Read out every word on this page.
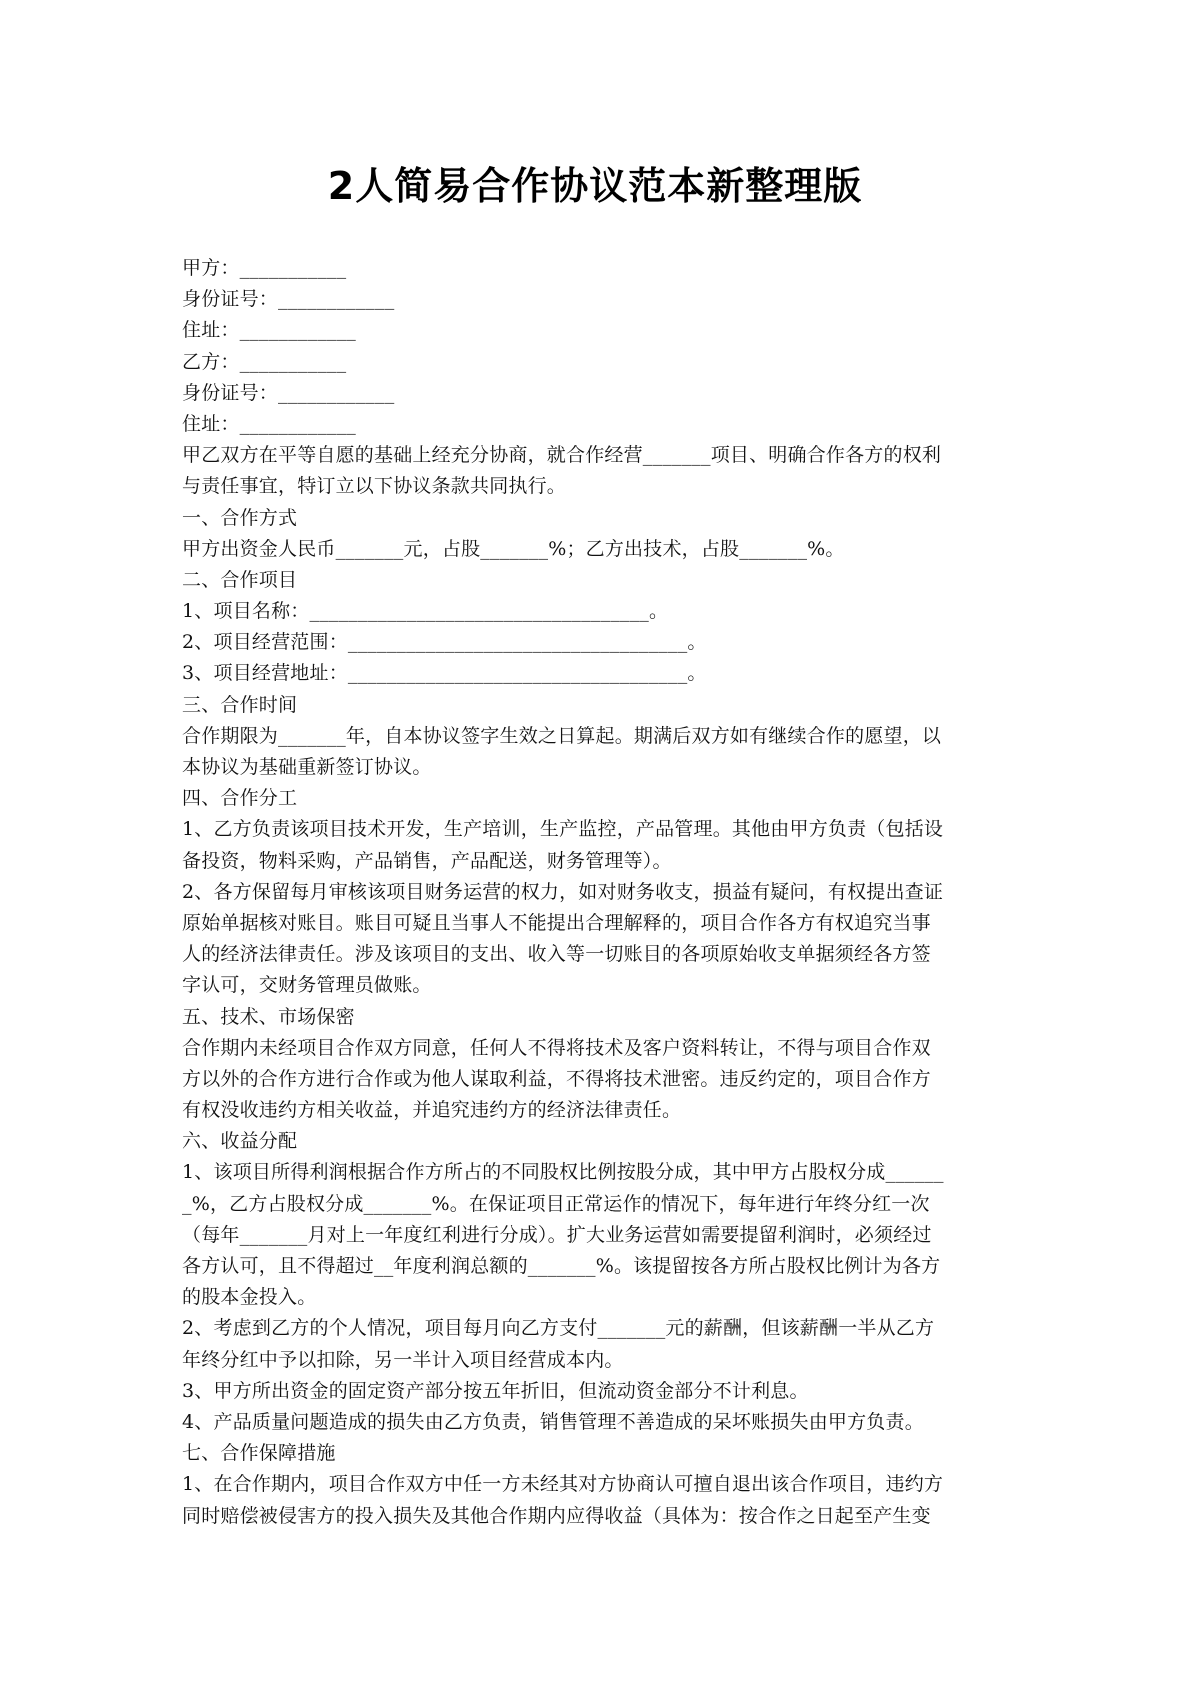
2人简易合作协议范本新整理版
甲方：___________
身份证号：____________
住址：____________
乙方：___________
身份证号：____________
住址：____________
甲乙双方在平等自愿的基础上经充分协商，就合作经营_______项目、明确合作各方的权利
与责任事宜，特订立以下协议条款共同执行。
一、合作方式
甲方出资金人民币_______元，占股_______%；乙方出技术，占股_______%。
二、合作项目
1、项目名称：___________________________________。
2、项目经营范围：___________________________________。
3、项目经营地址：___________________________________。
三、合作时间
合作期限为_______年，自本协议签字生效之日算起。期满后双方如有继续合作的愿望，以
本协议为基础重新签订协议。
四、合作分工
1、乙方负责该项目技术开发，生产培训，生产监控，产品管理。其他由甲方负责（包括设
备投资，物料采购，产品销售，产品配送，财务管理等）。
2、各方保留每月审核该项目财务运营的权力，如对财务收支，损益有疑问，有权提出查证
原始单据核对账目。账目可疑且当事人不能提出合理解释的，项目合作各方有权追究当事
人的经济法律责任。涉及该项目的支出、收入等一切账目的各项原始收支单据须经各方签
字认可，交财务管理员做账。
五、技术、市场保密
合作期内未经项目合作双方同意，任何人不得将技术及客户资料转让，不得与项目合作双
方以外的合作方进行合作或为他人谋取利益，不得将技术泄密。违反约定的，项目合作方
有权没收违约方相关收益，并追究违约方的经济法律责任。
六、收益分配
1、该项目所得利润根据合作方所占的不同股权比例按股分成，其中甲方占股权分成______
_%，乙方占股权分成_______%。在保证项目正常运作的情况下，每年进行年终分红一次
（每年_______月对上一年度红利进行分成）。扩大业务运营如需要提留利润时，必须经过
各方认可，且不得超过__年度利润总额的_______%。该提留按各方所占股权比例计为各方
的股本金投入。
2、考虑到乙方的个人情况，项目每月向乙方支付_______元的薪酬，但该薪酬一半从乙方
年终分红中予以扣除，另一半计入项目经营成本内。
3、甲方所出资金的固定资产部分按五年折旧，但流动资金部分不计利息。
4、产品质量问题造成的损失由乙方负责，销售管理不善造成的呆坏账损失由甲方负责。
七、合作保障措施
1、在合作期内，项目合作双方中任一方未经其对方协商认可擅自退出该合作项目，违约方
同时赔偿被侵害方的投入损失及其他合作期内应得收益（具体为：按合作之日起至产生变
